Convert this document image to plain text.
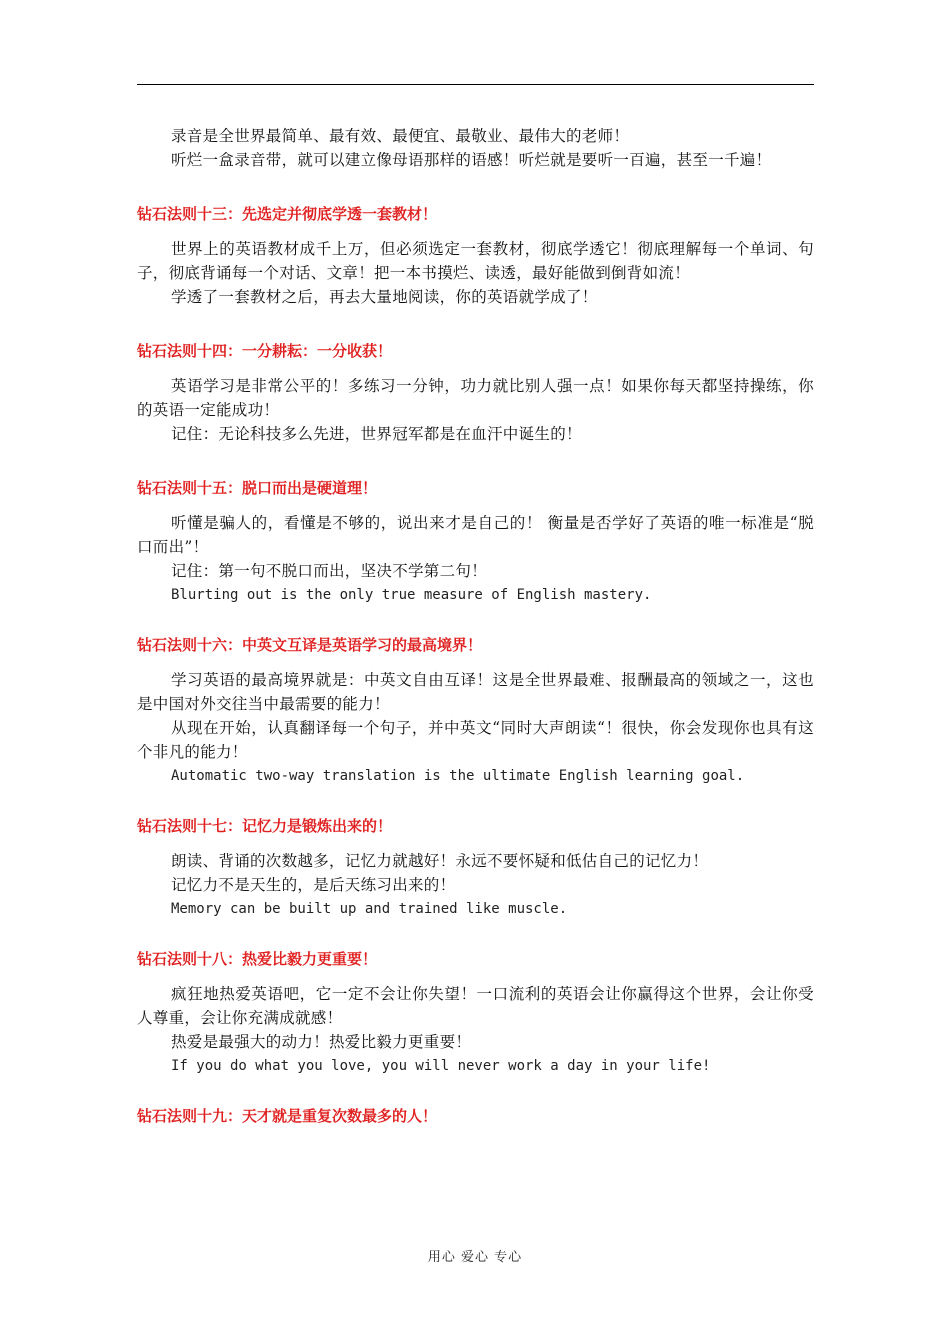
录音是全世界最简单、最有效、最便宜、最敬业、最伟大的老师！

听烂一盒录音带，就可以建立像母语那样的语感！听烂就是要听一百遍，甚至一千遍！

钻石法则十三：先选定并彻底学透一套教材！

世界上的英语教材成千上万，但必须选定一套教材，彻底学透它！彻底理解每一个单词、句子，彻底背诵每一个对话、文章！把一本书摸烂、读透，最好能做到倒背如流！

学透了一套教材之后，再去大量地阅读，你的英语就学成了！

钻石法则十四：一分耕耘：一分收获！

英语学习是非常公平的！多练习一分钟，功力就比别人强一点！如果你每天都坚持操练，你的英语一定能成功！

记住：无论科技多么先进，世界冠军都是在血汗中诞生的！

钻石法则十五：脱口而出是硬道理！

听懂是骗人的，看懂是不够的，说出来才是自己的！ 衡量是否学好了英语的唯一标准是“脱口而出”！

记住：第一句不脱口而出，坚决不学第二句！

Blurting out is the only true measure of English mastery.

钻石法则十六：中英文互译是英语学习的最高境界！

学习英语的最高境界就是：中英文自由互译！这是全世界最难、报酬最高的领域之一，这也是中国对外交往当中最需要的能力！

从现在开始，认真翻译每一个句子，并中英文“同时大声朗读“！很快，你会发现你也具有这个非凡的能力！

Automatic two-way translation is the ultimate English learning goal.

钻石法则十七：记忆力是锻炼出来的！

朗读、背诵的次数越多，记忆力就越好！永远不要怀疑和低估自己的记忆力！

记忆力不是天生的，是后天练习出来的！

Memory can be built up and trained like muscle.

钻石法则十八：热爱比毅力更重要！

疯狂地热爱英语吧，它一定不会让你失望！一口流利的英语会让你赢得这个世界，会让你受人尊重，会让你充满成就感！

热爱是最强大的动力！热爱比毅力更重要！

If you do what you love, you will never work a day in your life!

钻石法则十九：天才就是重复次数最多的人！

用心 爱心 专心
